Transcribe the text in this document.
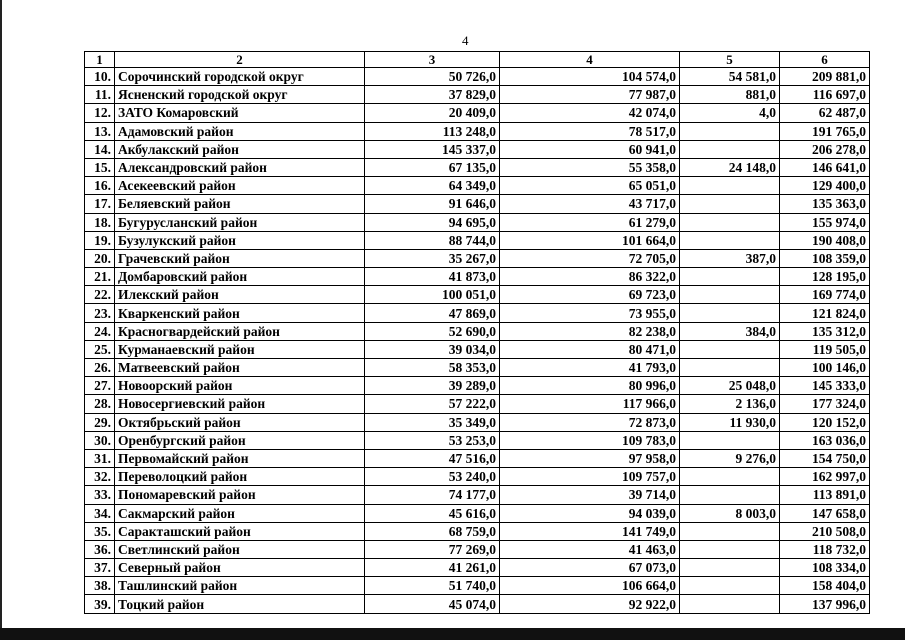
4
1	2	3	4	5	6
10.	Сорочинский городской округ	50 726,0	104 574,0	54 581,0	209 881,0
11.	Ясненский городской округ	37 829,0	77 987,0	881,0	116 697,0
12.	ЗАТО Комаровский	20 409,0	42 074,0	4,0	62 487,0
13.	Адамовский район	113 248,0	78 517,0		191 765,0
14.	Акбулакский район	145 337,0	60 941,0		206 278,0
15.	Александровский район	67 135,0	55 358,0	24 148,0	146 641,0
16.	Асекеевский район	64 349,0	65 051,0		129 400,0
17.	Беляевский район	91 646,0	43 717,0		135 363,0
18.	Бугурусланский район	94 695,0	61 279,0		155 974,0
19.	Бузулукский район	88 744,0	101 664,0		190 408,0
20.	Грачевский район	35 267,0	72 705,0	387,0	108 359,0
21.	Домбаровский район	41 873,0	86 322,0		128 195,0
22.	Илекский район	100 051,0	69 723,0		169 774,0
23.	Кваркенский район	47 869,0	73 955,0		121 824,0
24.	Красногвардейский район	52 690,0	82 238,0	384,0	135 312,0
25.	Курманаевский район	39 034,0	80 471,0		119 505,0
26.	Матвеевский район	58 353,0	41 793,0		100 146,0
27.	Новоорский район	39 289,0	80 996,0	25 048,0	145 333,0
28.	Новосергиевский район	57 222,0	117 966,0	2 136,0	177 324,0
29.	Октябрьский район	35 349,0	72 873,0	11 930,0	120 152,0
30.	Оренбургский район	53 253,0	109 783,0		163 036,0
31.	Первомайский район	47 516,0	97 958,0	9 276,0	154 750,0
32.	Переволоцкий район	53 240,0	109 757,0		162 997,0
33.	Пономаревский район	74 177,0	39 714,0		113 891,0
34.	Сакмарский район	45 616,0	94 039,0	8 003,0	147 658,0
35.	Саракташский район	68 759,0	141 749,0		210 508,0
36.	Светлинский район	77 269,0	41 463,0		118 732,0
37.	Северный район	41 261,0	67 073,0		108 334,0
38.	Ташлинский район	51 740,0	106 664,0		158 404,0
39.	Тоцкий район	45 074,0	92 922,0		137 996,0
